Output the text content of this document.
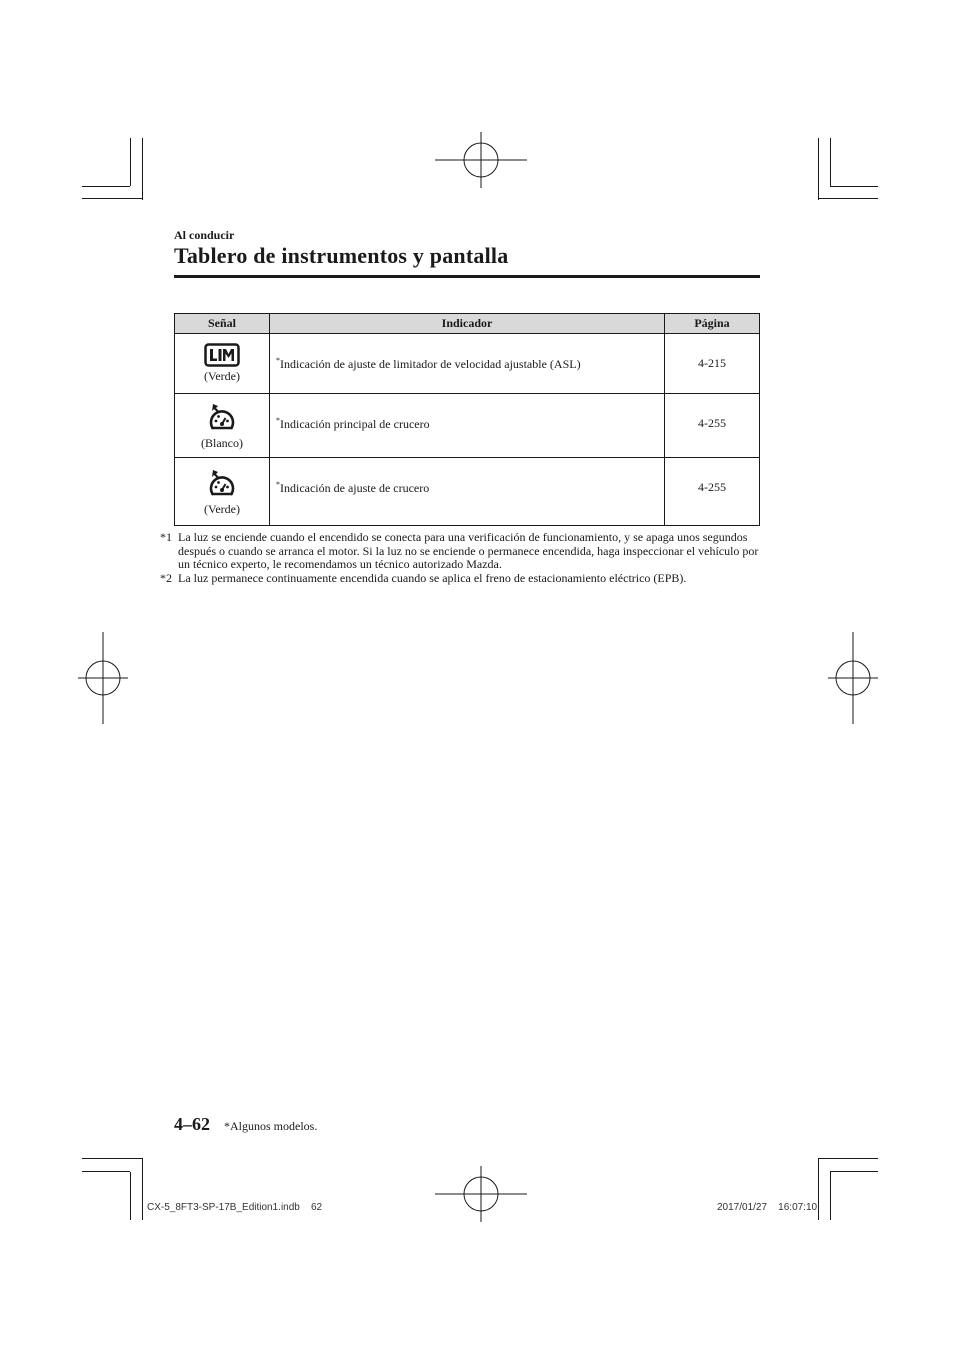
Al conducir
Tablero de instrumentos y pantalla
Señal	Indicador	Página

(Verde)	*Indicación de ajuste de limitador de velocidad ajustable (ASL)	4-215

(Blanco)	*Indicación principal de crucero	4-255

(Verde)	*Indicación de ajuste de crucero	4-255
*1 La luz se enciende cuando el encendido se conecta para una verificación de funcionamiento, y se apaga unos segundos después o cuando se arranca el motor. Si la luz no se enciende o permanece encendida, haga inspeccionar el vehículo por un técnico experto, le recomendamos un técnico autorizado Mazda.
*2 La luz permanece continuamente encendida cuando se aplica el freno de estacionamiento eléctrico (EPB).
4–62 *Algunos modelos.
CX-5_8FT3-SP-17B_Edition1.indb    62	2017/01/27    16:07:10
